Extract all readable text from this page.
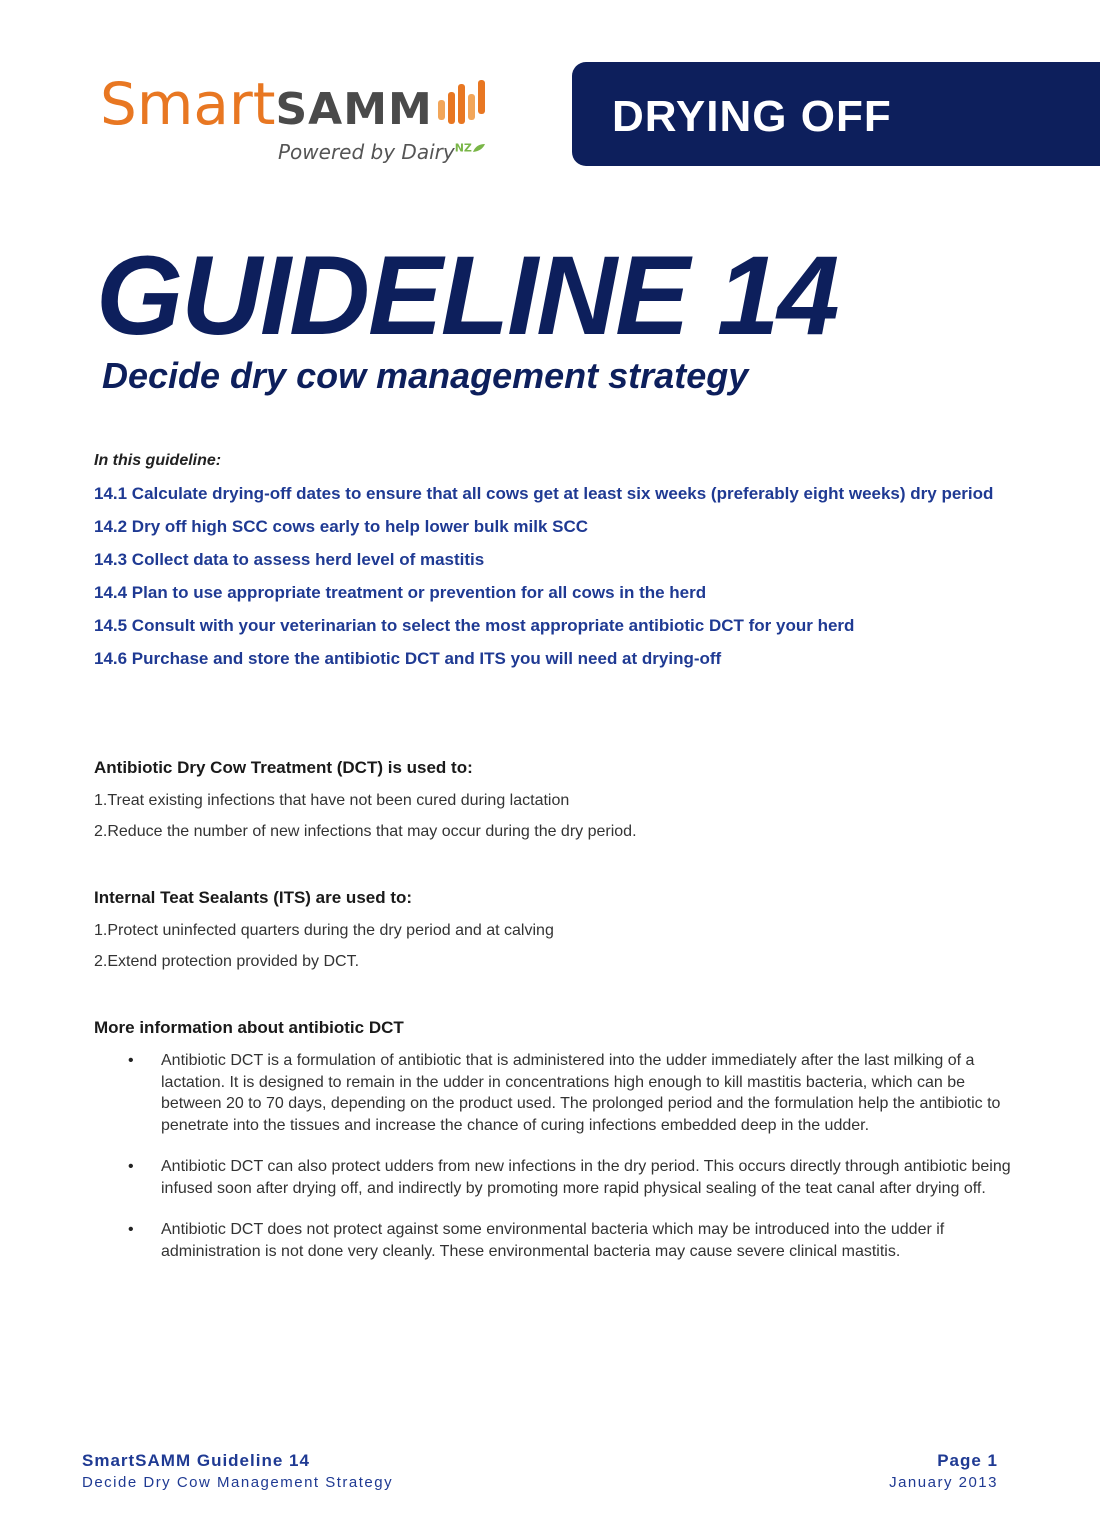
SmartSAMM
Powered by Dairy$^{NZ}$
DRYING OFF
GUIDELINE 14
Decide dry cow management strategy

In this guideline:

14.1 Calculate drying-off dates to ensure that all cows get at least six weeks (preferably eight weeks) dry period

14.2 Dry off high SCC cows early to help lower bulk milk SCC

14.3 Collect data to assess herd level of mastitis

14.4 Plan to use appropriate treatment or prevention for all cows in the herd

14.5 Consult with your veterinarian to select the most appropriate antibiotic DCT for your herd

14.6 Purchase and store the antibiotic DCT and ITS you will need at drying-off

Antibiotic Dry Cow Treatment (DCT) is used to:

1.Treat existing infections that have not been cured during lactation

2.Reduce the number of new infections that may occur during the dry period.

Internal Teat Sealants (ITS) are used to:

1.Protect uninfected quarters during the dry period and at calving

2.Extend protection provided by DCT.

More information about antibiotic DCT

• Antibiotic DCT is a formulation of antibiotic that is administered into the udder immediately after the last milking of a lactation. It is designed to remain in the udder in concentrations high enough to kill mastitis bacteria, which can be between 20 to 70 days, depending on the product used. The prolonged period and the formulation help the antibiotic to penetrate into the tissues and increase the chance of curing infections embedded deep in the udder.
• Antibiotic DCT can also protect udders from new infections in the dry period. This occurs directly through antibiotic being infused soon after drying off, and indirectly by promoting more rapid physical sealing of the teat canal after drying off.
• Antibiotic DCT does not protect against some environmental bacteria which may be introduced into the udder if administration is not done very cleanly. These environmental bacteria may cause severe clinical mastitis.
SmartSAMM Guideline 14
Decide Dry Cow Management Strategy
Page 1
January 2013
